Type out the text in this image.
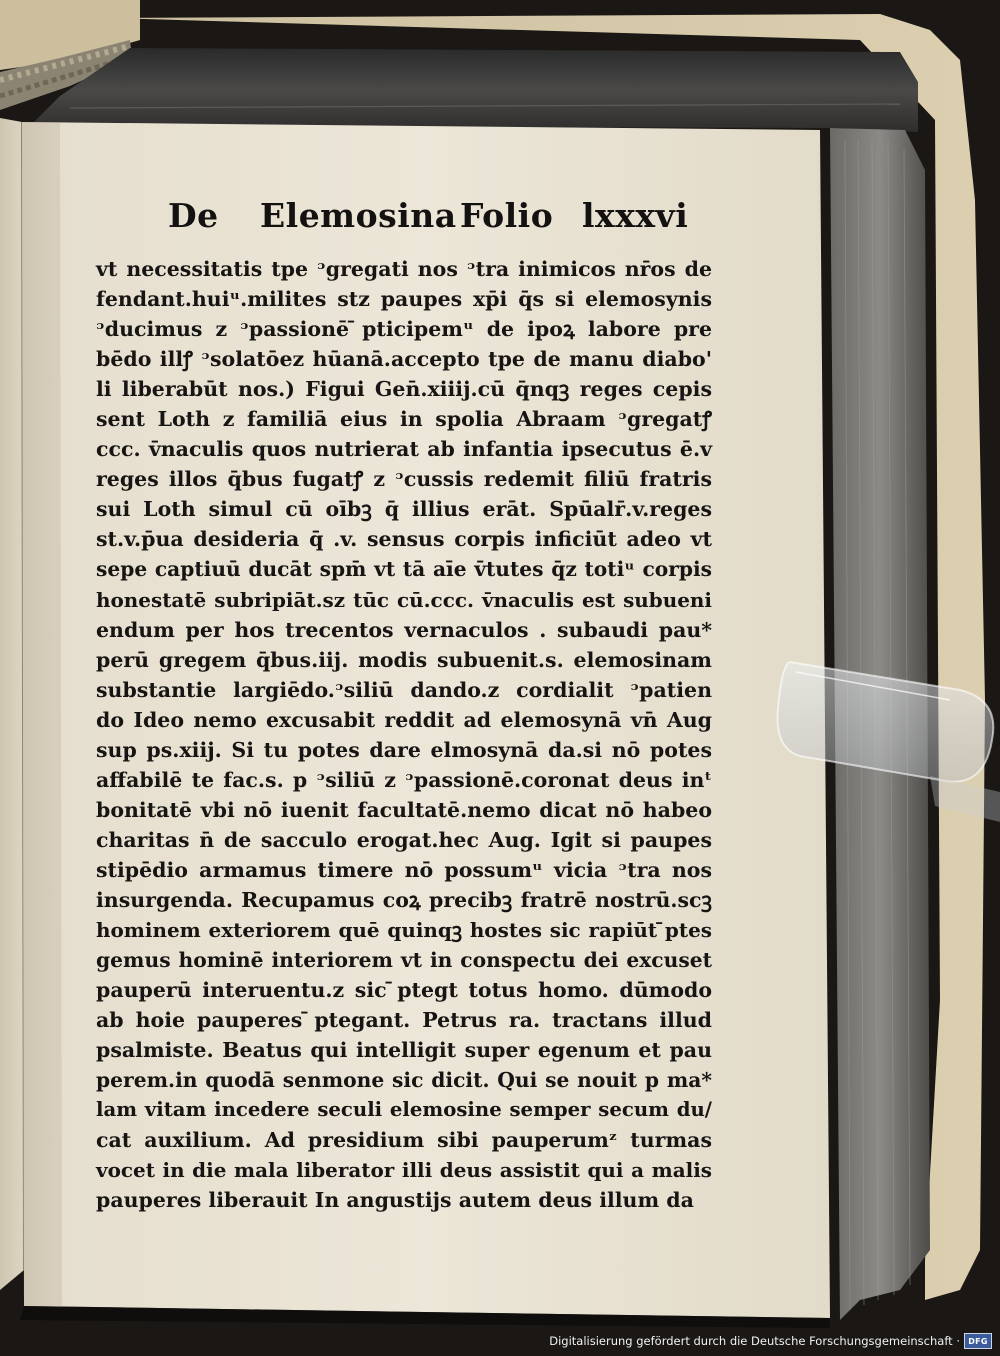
De Elemosina Folio lxxxvi
vt necessitatis tpe ᵓgregati nos ᵓtra inimicos nr̄os de
fendant.huiᵘ.milites stz paupes xp̄i q̄s si elemosynis
ᵓducimus z ᵓpassionē ̄pticipemᵘ de ipoꝝ labore pre
bēdo illꝭ ᵓsolatōez hūanā.accepto tpe de manu diabo'
li liberabūt nos.) Figui Gen̄.xiiij.cū q̄nqꝫ reges cepis
sent Loth z familiā eius in spolia Abraam ᵓgregatꝭ
ccc. v̄naculis quos nutrierat ab infantia ipsecutus ē.v
reges illos q̄bus fugatꝭ z ᵓcussis redemit filiū fratris
sui Loth simul cū oībꝫ q̄ illius erāt. Spūalr̄.v.reges
st.v.p̄ua desideria q̄ .v. sensus corpis inficiūt adeo vt
sepe captiuū ducāt spm̄ vt tā aīe v̄tutes q̄z totiᵘ corpis
honestatē subripiāt.sz tūc cū.ccc. v̄naculis est subueni
endum per hos trecentos vernaculos . subaudi pau*
perū gregem q̄bus.iij. modis subuenit.s. elemosinam
substantie largiēdo.ᵓsiliū dando.z cordialit ᵓpatien
do Ideo nemo excusabit reddit ad elemosynā vn̄ Aug
sup ps.xiij. Si tu potes dare elmosynā da.si nō potes
affabilē te fac.s. p ᵓsiliū z ᵓpassionē.coronat deus inᵗ
bonitatē vbi nō iuenit facultatē.nemo dicat nō habeo
charitas n̄ de sacculo erogat.hec Aug. Igit si paupes
stipēdio armamus timere nō possumᵘ vicia ᵓtra nos
insurgenda. Recupamus coꝝ precibꝫ fratrē nostrū.scꝫ
hominem exteriorem quē quinqꝫ hostes sic rapiūt ̄ptes
gemus hominē interiorem vt in conspectu dei excuset
pauperū interuentu.z sic ̄ptegt totus homo. dūmodo
ab hoie pauperes ̄ptegant. Petrus ra. tractans illud
psalmiste. Beatus qui intelligit super egenum et pau
perem.in quodā senmone sic dicit. Qui se nouit p ma*
lam vitam incedere seculi elemosine semper secum du/
cat auxilium. Ad presidium sibi pauperumᶻ turmas
vocet in die mala liberator illi deus assistit qui a malis
pauperes liberauit In angustijs autem deus illum da
Digitalisierung gefördert durch die Deutsche Forschungsgemeinschaft ·	DFG
